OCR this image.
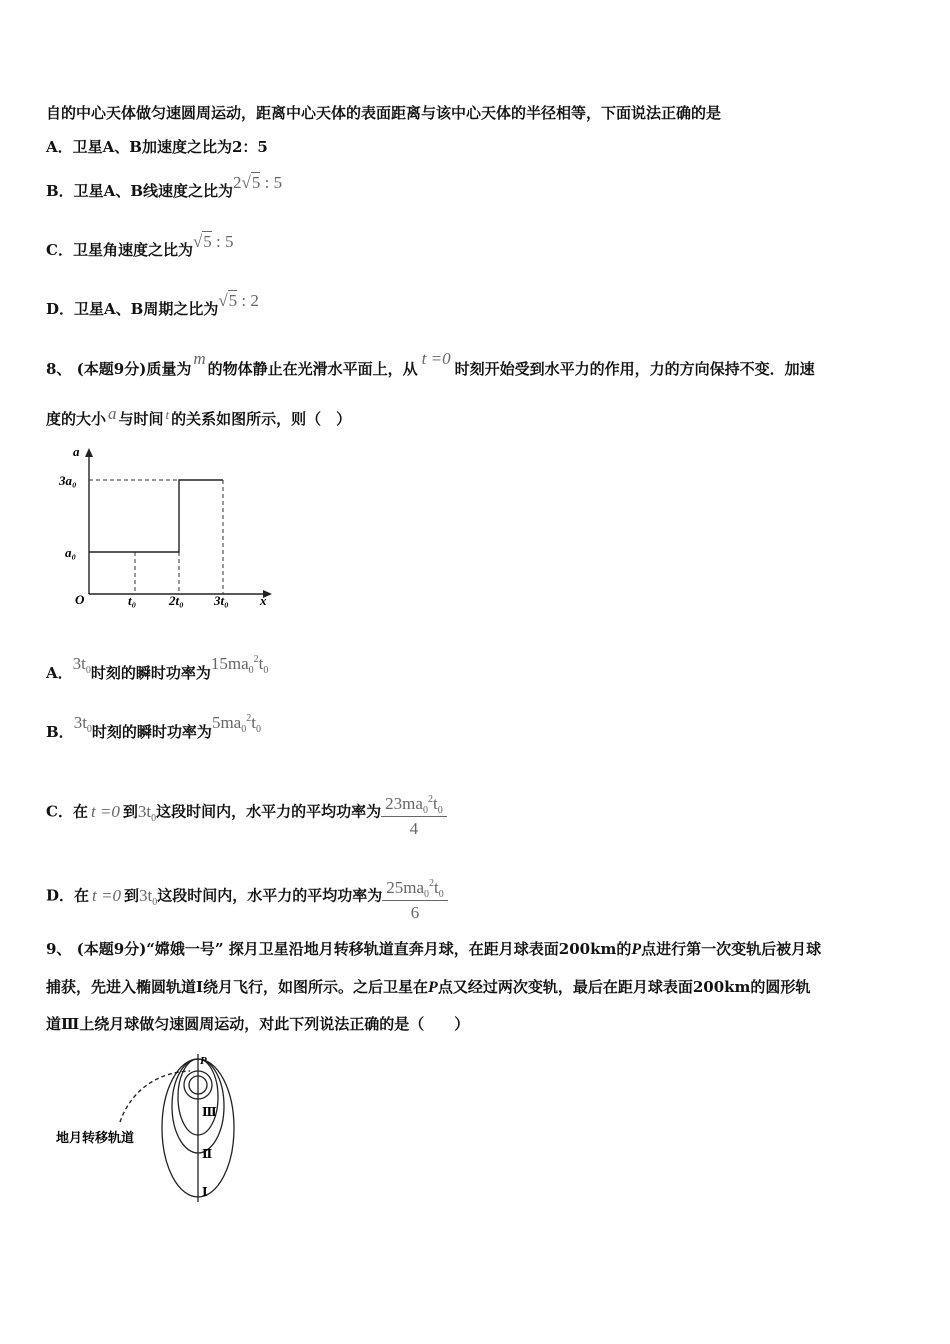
自的中心天体做匀速圆周运动，距离中心天体的表面距离与该中心天体的半径相等，下面说法正确的是
A．卫星A、B加速度之比为2：5
B．卫星A、B线速度之比为2√5 : 5
C．卫星角速度之比为√5 : 5
D．卫星A、B周期之比为√5 : 2
8、 (本题9分)质量为m的物体静止在光滑水平面上，从t =0时刻开始受到水平力的作用，力的方向保持不变．加速
度的大小 a 与时间 t 的关系如图所示，则（　）
a
3a₀
a₀
O	t₀	2t₀ 3t₀ x
A．$3t_0$时刻的瞬时功率为$15ma_0^2t_0$
B．$3t_0$时刻的瞬时功率为$5ma_0^2t_0$
C．在 t =0 到$3t_0$这段时间内，水平力的平均功率为 $\frac{23ma_0^2t_0}{4}$
D．在 t =0 到$3t_0$这段时间内，水平力的平均功率为 $\frac{25ma_0^2t_0}{6}$
9、 (本题9分)“嫦娥一号” 探月卫星沿地月转移轨道直奔月球，在距月球表面200km的P点进行第一次变轨后被月球
捕获，先进入椭圆轨道Ⅰ绕月飞行，如图所示。之后卫星在P点又经过两次变轨，最后在距月球表面200km的圆形轨
道Ⅲ上绕月球做匀速圆周运动，对此下列说法正确的是（　　）
P
Ⅲ
Ⅱ
Ⅰ
地月转移轨道
